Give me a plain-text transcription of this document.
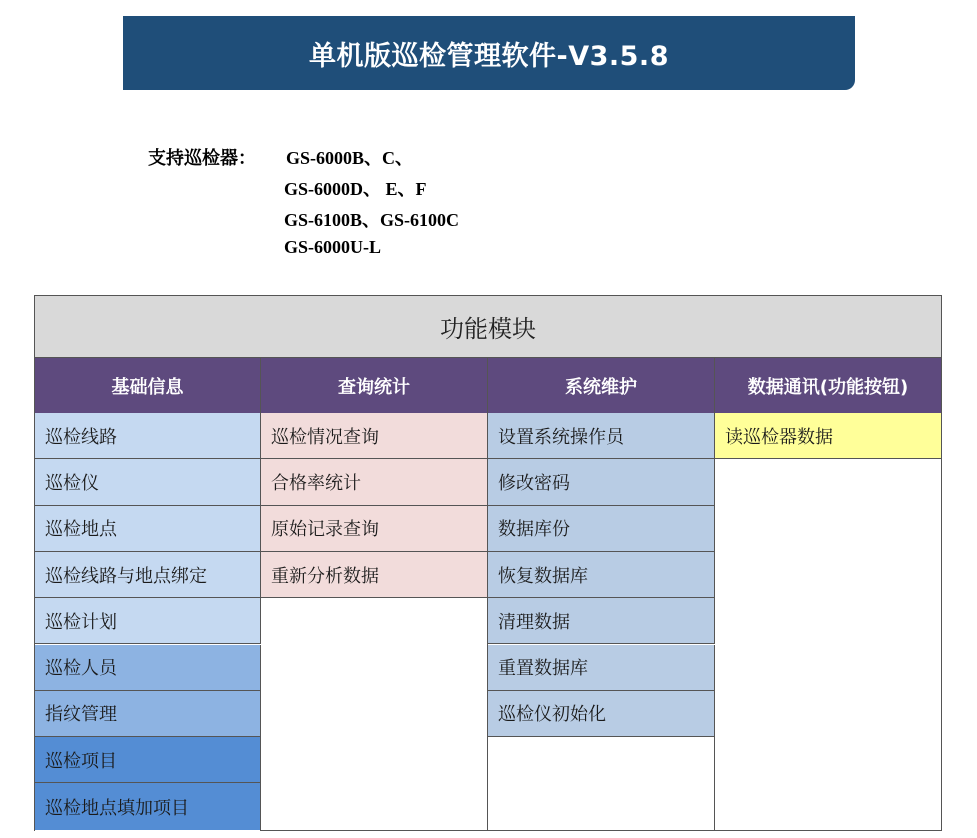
单机版巡检管理软件-V3.5.8
支持巡检器： GS-6000B、C、
GS-6000D、 E、F
GS-6100B、GS-6100C
GS-6000U-L
功能模块
基础信息
巡检线路
巡检仪
巡检地点
巡检线路与地点绑定
巡检计划
巡检人员
指纹管理
巡检项目
巡检地点填加项目
查询统计
巡检情况查询
合格率统计
原始记录查询
重新分析数据
系统维护
设置系统操作员
修改密码
数据库份
恢复数据库
清理数据
重置数据库
巡检仪初始化
数据通讯(功能按钮)
读巡检器数据
